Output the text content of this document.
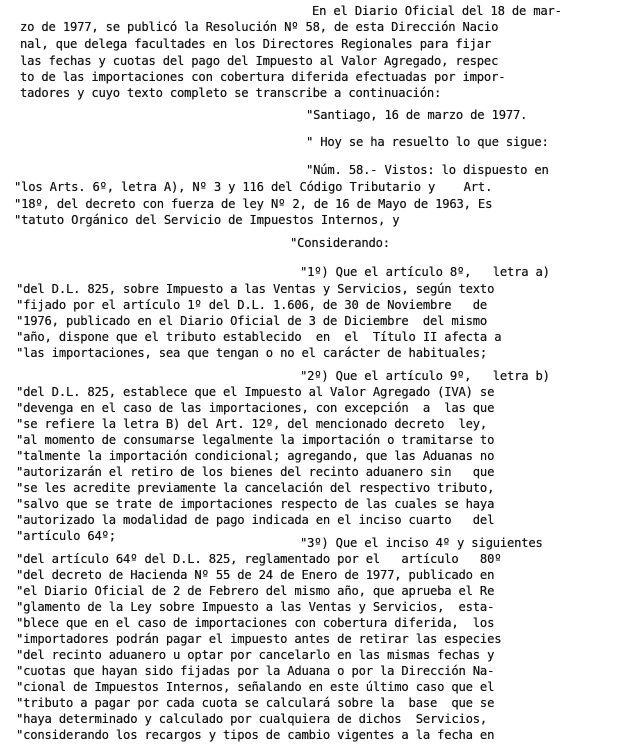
En el Diario Oficial del 18 de mar-
zo de 1977, se publicó la Resolución Nº 58, de esta Dirección Nacio
nal, que delega facultades en los Directores Regionales para fijar
las fechas y cuotas del pago del Impuesto al Valor Agregado, respec
to de las importaciones con cobertura diferida efectuadas por impor-
tadores y cuyo texto completo se transcribe a continuación:
"Santiago, 16 de marzo de 1977.
" Hoy se ha resuelto lo que sigue:
"Núm. 58.- Vistos: lo dispuesto en
"los Arts. 6º, letra A), Nº 3 y 116 del Código Tributario y    Art.
"18º, del decreto con fuerza de ley Nº 2, de 16 de Mayo de 1963, Es
"tatuto Orgánico del Servicio de Impuestos Internos, y
"Considerando:
"1º) Que el artículo 8º,   letra a)
"del D.L. 825, sobre Impuesto a las Ventas y Servicios, según texto
"fijado por el artículo 1º del D.L. 1.606, de 30 de Noviembre   de
"1976, publicado en el Diario Oficial de 3 de Diciembre  del mismo
"año, dispone que el tributo establecido  en  el  Título II afecta a
"las importaciones, sea que tengan o no el carácter de habituales;
"2º) Que el artículo 9º,   letra b)
"del D.L. 825, establece que el Impuesto al Valor Agregado (IVA) se
"devenga en el caso de las importaciones, con excepción  a  las que
"se refiere la letra B) del Art. 12º, del mencionado decreto  ley,
"al momento de consumarse legalmente la importación o tramitarse to
"talmente la importación condicional; agregando, que las Aduanas no
"autorizarán el retiro de los bienes del recinto aduanero sin   que
"se les acredite previamente la cancelación del respectivo tributo,
"salvo que se trate de importaciones respecto de las cuales se haya
"autorizado la modalidad de pago indicada en el inciso cuarto   del
"artículo 64º;	"3º) Que el inciso 4º y siguientes
"del artículo 64º del D.L. 825, reglamentado por el   artículo   80º
"del decreto de Hacienda Nº 55 de 24 de Enero de 1977, publicado en
"el Diario Oficial de 2 de Febrero del mismo año, que aprueba el Re
"glamento de la Ley sobre Impuesto a las Ventas y Servicios,  esta-
"blece que en el caso de importaciones con cobertura diferida,  los
"importadores podrán pagar el impuesto antes de retirar las especies
"del recinto aduanero u optar por cancelarlo en las mismas fechas y
"cuotas que hayan sido fijadas por la Aduana o por la Dirección Na-
"cional de Impuestos Internos, señalando en este último caso que el
"tributo a pagar por cada cuota se calculará sobre la  base  que se
"haya determinado y calculado por cualquiera de dichos  Servicios,
"considerando los recargos y tipos de cambio vigentes a la fecha en
